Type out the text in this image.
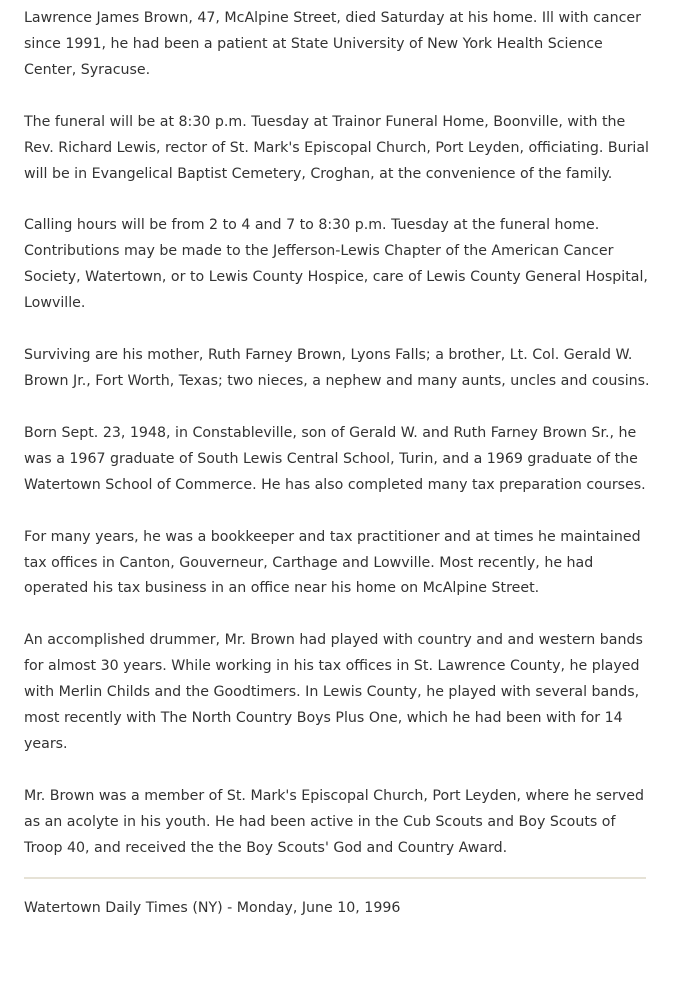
Lawrence James Brown, 47, McAlpine Street, died Saturday at his home. Ill with cancer since 1991, he had been a patient at State University of New York Health Science Center, Syracuse.

The funeral will be at 8:30 p.m. Tuesday at Trainor Funeral Home, Boonville, with the Rev. Richard Lewis, rector of St. Mark's Episcopal Church, Port Leyden, officiating. Burial will be in Evangelical Baptist Cemetery, Croghan, at the convenience of the family.

Calling hours will be from 2 to 4 and 7 to 8:30 p.m. Tuesday at the funeral home. Contributions may be made to the Jefferson-Lewis Chapter of the American Cancer Society, Watertown, or to Lewis County Hospice, care of Lewis County General Hospital, Lowville.

Surviving are his mother, Ruth Farney Brown, Lyons Falls; a brother, Lt. Col. Gerald W. Brown Jr., Fort Worth, Texas; two nieces, a nephew and many aunts, uncles and cousins.

Born Sept. 23, 1948, in Constableville, son of Gerald W. and Ruth Farney Brown Sr., he was a 1967 graduate of South Lewis Central School, Turin, and a 1969 graduate of the Watertown School of Commerce. He has also completed many tax preparation courses.

For many years, he was a bookkeeper and tax practitioner and at times he maintained tax offices in Canton, Gouverneur, Carthage and Lowville. Most recently, he had operated his tax business in an office near his home on McAlpine Street.

An accomplished drummer, Mr. Brown had played with country and and western bands for almost 30 years. While working in his tax offices in St. Lawrence County, he played with Merlin Childs and the Goodtimers. In Lewis County, he played with several bands, most recently with The North Country Boys Plus One, which he had been with for 14 years.

Mr. Brown was a member of St. Mark's Episcopal Church, Port Leyden, where he served as an acolyte in his youth. He had been active in the Cub Scouts and Boy Scouts of Troop 40, and received the the Boy Scouts' God and Country Award.

Watertown Daily Times (NY) - Monday, June 10, 1996
